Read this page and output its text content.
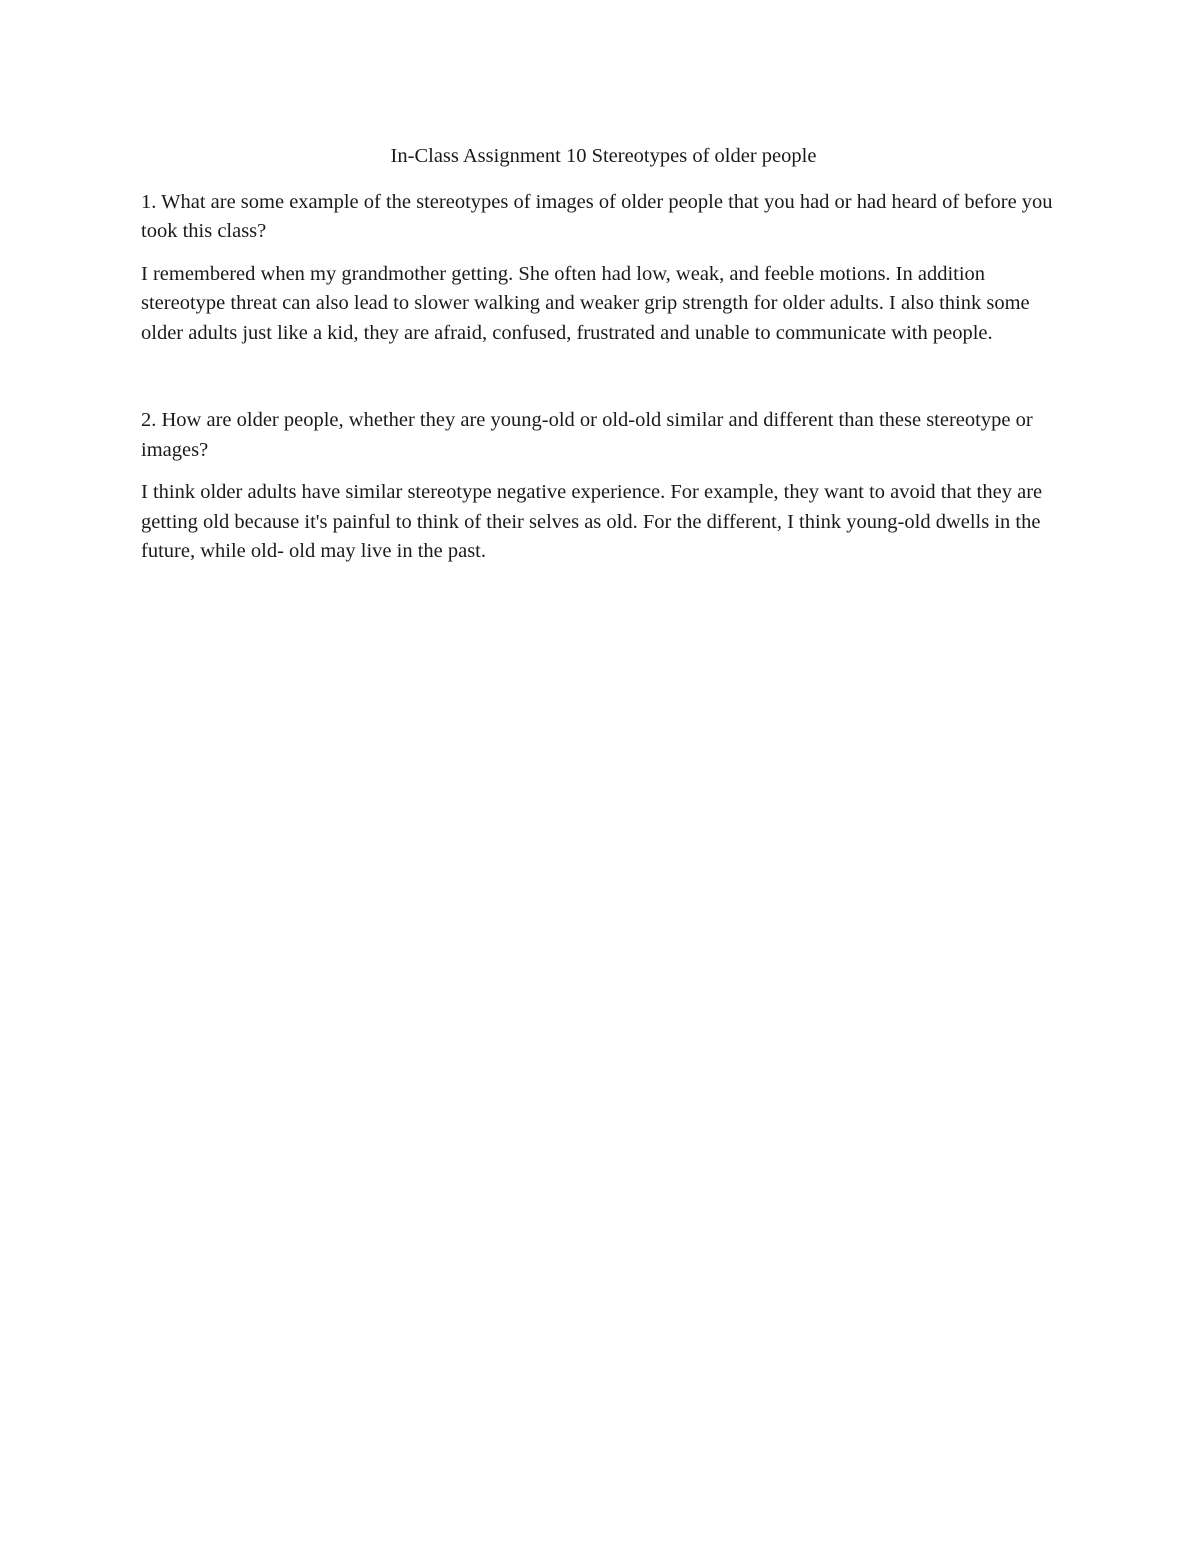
In-Class Assignment 10 Stereotypes of older people

1. What are some example of the stereotypes of images of older people that you had or had heard of before you took this class?

I remembered when my grandmother getting. She often had low, weak, and feeble motions. In addition stereotype threat can also lead to slower walking and weaker grip strength for older adults. I also think some older adults just like a kid, they are afraid, confused, frustrated and unable to communicate with people.

2. How are older people, whether they are young-old or old-old similar and different than these stereotype or images?

I think older adults have similar stereotype negative experience. For example, they want to avoid that they are getting old because it's painful to think of their selves as old. For the different, I think young-old dwells in the future, while old- old may live in the past.
